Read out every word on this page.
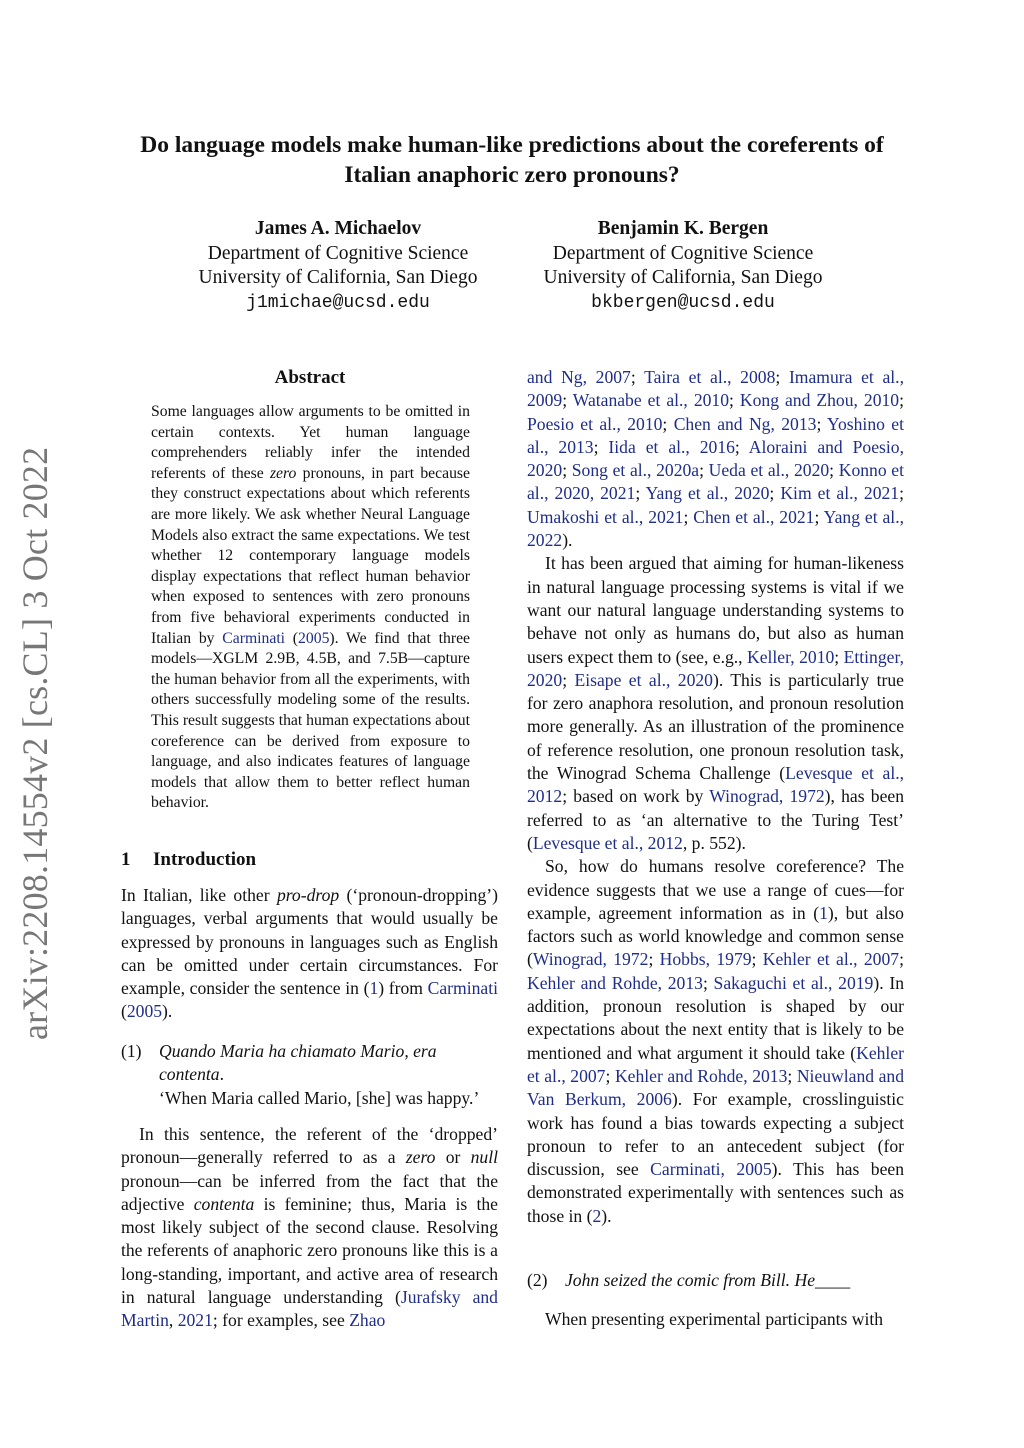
arXiv:2208.14554v2 [cs.CL] 3 Oct 2022
Do language models make human-like predictions about the coreferents of
Italian anaphoric zero pronouns?
James A. Michaelov
Department of Cognitive Science
University of California, San Diego
j1michae@ucsd.edu
Benjamin K. Bergen
Department of Cognitive Science
University of California, San Diego
bkbergen@ucsd.edu
Abstract
Some languages allow arguments to be omitted in certain contexts. Yet human language comprehenders reliably infer the intended referents of these zero pronouns, in part because they construct expectations about which referents are more likely. We ask whether Neural Language Models also extract the same expectations. We test whether 12 contemporary language models display expectations that reflect human behavior when exposed to sentences with zero pronouns from five behavioral experiments conducted in Italian by Carminati (2005). We find that three models—XGLM 2.9B, 4.5B, and 7.5B—capture the human behavior from all the experiments, with others successfully modeling some of the results. This result suggests that human expectations about coreference can be derived from exposure to language, and also indicates features of language models that allow them to better reflect human behavior.
1 Introduction

In Italian, like other pro-drop (‘pronoun-dropping’) languages, verbal arguments that would usually be expressed by pronouns in languages such as English can be omitted under certain circumstances. For example, consider the sentence in (1) from Carminati (2005).

(1) Quando Maria ha chiamato Mario, era
contenta.
‘When Maria called Mario, [she] was happy.’

In this sentence, the referent of the ‘dropped’ pronoun—generally referred to as a zero or null pronoun—can be inferred from the fact that the adjective contenta is feminine; thus, Maria is the most likely subject of the second clause. Resolving the referents of anaphoric zero pronouns like this is a long-standing, important, and active area of research in natural language understanding (Jurafsky and Martin, 2021; for examples, see Zhao

and Ng, 2007; Taira et al., 2008; Imamura et al., 2009; Watanabe et al., 2010; Kong and Zhou, 2010; Poesio et al., 2010; Chen and Ng, 2013; Yoshino et al., 2013; Iida et al., 2016; Aloraini and Poesio, 2020; Song et al., 2020a; Ueda et al., 2020; Konno et al., 2020, 2021; Yang et al., 2020; Kim et al., 2021; Umakoshi et al., 2021; Chen et al., 2021; Yang et al., 2022).

It has been argued that aiming for human-likeness in natural language processing systems is vital if we want our natural language understanding systems to behave not only as humans do, but also as human users expect them to (see, e.g., Keller, 2010; Ettinger, 2020; Eisape et al., 2020). This is particularly true for zero anaphora resolution, and pronoun resolution more generally. As an illustration of the prominence of reference resolution, one pronoun resolution task, the Winograd Schema Challenge (Levesque et al., 2012; based on work by Winograd, 1972), has been referred to as ‘an alternative to the Turing Test’ (Levesque et al., 2012, p. 552).

So, how do humans resolve coreference? The evidence suggests that we use a range of cues—for example, agreement information as in (1), but also factors such as world knowledge and common sense (Winograd, 1972; Hobbs, 1979; Kehler et al., 2007; Kehler and Rohde, 2013; Sakaguchi et al., 2019). In addition, pronoun resolution is shaped by our expectations about the next entity that is likely to be mentioned and what argument it should take (Kehler et al., 2007; Kehler and Rohde, 2013; Nieuwland and Van Berkum, 2006). For example, crosslinguistic work has found a bias towards expecting a subject pronoun to refer to an antecedent subject (for discussion, see Carminati, 2005). This has been demonstrated experimentally with sentences such as those in (2).

(2) John seized the comic from Bill. He____

When presenting experimental participants with
